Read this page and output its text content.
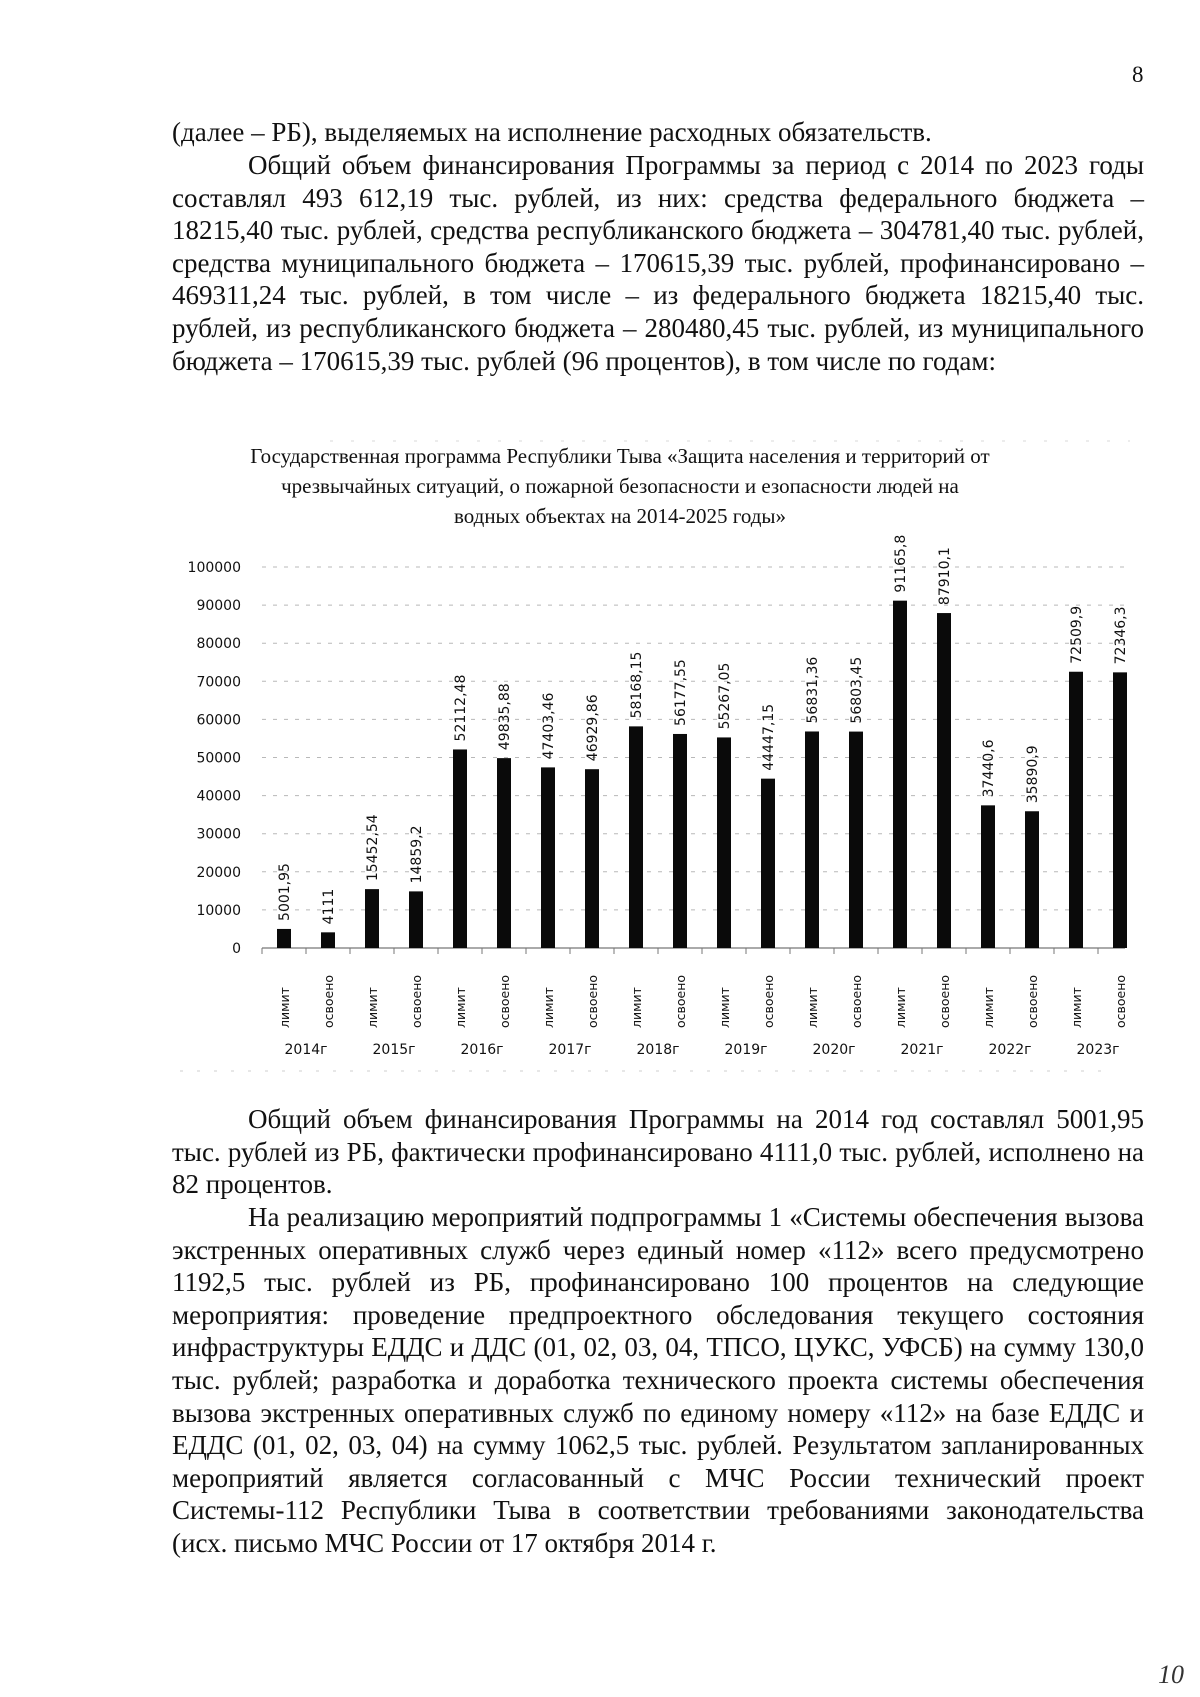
8

(далее – РБ), выделяемых на исполнение расходных обязательств.

Общий объем финансирования Программы за период с 2014 по 2023 годы составлял 493 612,19 тыс. рублей, из них: средства федерального бюджета – 18215,40 тыс. рублей, средства республиканского бюджета – 304781,40 тыс. рублей, средства муниципального бюджета – 170615,39 тыс. рублей, профинансировано – 469311,24 тыс. рублей, в том числе – из федерального бюджета 18215,40 тыс. рублей, из республиканского бюджета – 280480,45 тыс. рублей, из муниципального бюджета – 170615,39 тыс. рублей (96 процентов), в том числе по годам:

Государственная программа Республики Тыва «Защита населения и территорий от чрезвычайных ситуаций, о пожарной безопасности и езопасности людей на водных объектах на 2014-2025 годы»
0
10000
20000
30000
40000
50000
60000
70000
80000
90000
100000
5001,95
лимит
4111
освоено
15452,54
лимит
14859,2
освоено
52112,48
лимит
49835,88
освоено
47403,46
лимит
46929,86
освоено
58168,15
лимит
56177,55
освоено
55267,05
лимит
44447,15
освоено
56831,36
лимит
56803,45
освоено
91165,8
лимит
87910,1
освоено
37440,6
лимит
35890,9
освоено
72509,9
лимит
72346,3
освоено
2014г	2015г	2016г	2017г	2018г	2019г	2020г	2021г	2022г	2023г

Общий объем финансирования Программы на 2014 год составлял 5001,95 тыс. рублей из РБ, фактически профинансировано 4111,0 тыс. рублей, исполнено на 82 процентов.

На реализацию мероприятий подпрограммы 1 «Системы обеспечения вызова экстренных оперативных служб через единый номер «112» всего предусмотрено 1192,5 тыс. рублей из РБ, профинансировано 100 процентов на следующие мероприятия: проведение предпроектного обследования текущего состояния инфраструктуры ЕДДС и ДДС (01, 02, 03, 04, ТПСО, ЦУКС, УФСБ) на сумму 130,0 тыс. рублей; разработка и доработка технического проекта системы обеспечения вызова экстренных оперативных служб по единому номеру «112» на базе ЕДДС и ЕДДС (01, 02, 03, 04) на сумму 1062,5 тыс. рублей. Результатом запланированных мероприятий является согласованный с МЧС России технический проект Системы-112 Республики Тыва в соответствии требованиями законодательства (исх. письмо МЧС России от 17 октября 2014 г.

10
